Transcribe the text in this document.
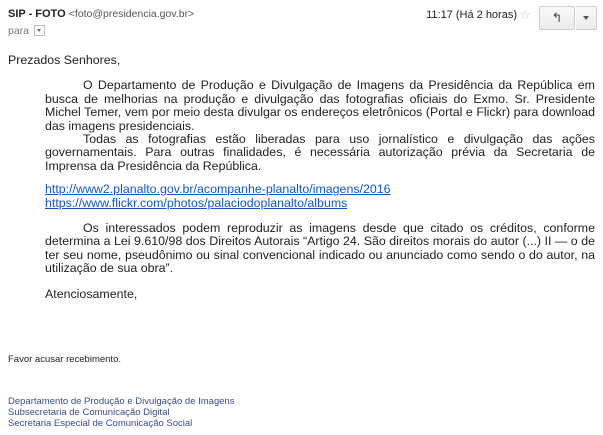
SIP - FOTO <foto@presidencia.gov.br>
para
11:17 (Há 2 horas) ☆ ↰

Prezados Senhores,

O Departamento de Produção e Divulgação de Imagens da Presidência da República em busca de melhorias na produção e divulgação das fotografias oficiais do Exmo. Sr. Presidente Michel Temer, vem por meio desta divulgar os endereços eletrônicos (Portal e Flickr) para download das imagens presidenciais.

Todas as fotografias estão liberadas para uso jornalístico e divulgação das ações governamentais. Para outras finalidades, é necessária autorização prévia da Secretaria de Imprensa da Presidência da República.

http://www2.planalto.gov.br/acompanhe-planalto/imagens/2016
https://www.flickr.com/photos/palaciodoplanalto/albums

Os interessados podem reproduzir as imagens desde que citado os créditos, conforme determina a Lei 9.610/98 dos Direitos Autorais “Artigo 24. São direitos morais do autor (...) II — o de ter seu nome, pseudônimo ou sinal convencional indicado ou anunciado como sendo o do autor, na utilização de sua obra”.

Atenciosamente,

Favor acusar recebimento.
Departamento de Produção e Divulgação de Imagens
Subsecretaria de Comunicação Digital
Secretaria Especial de Comunicação Social
